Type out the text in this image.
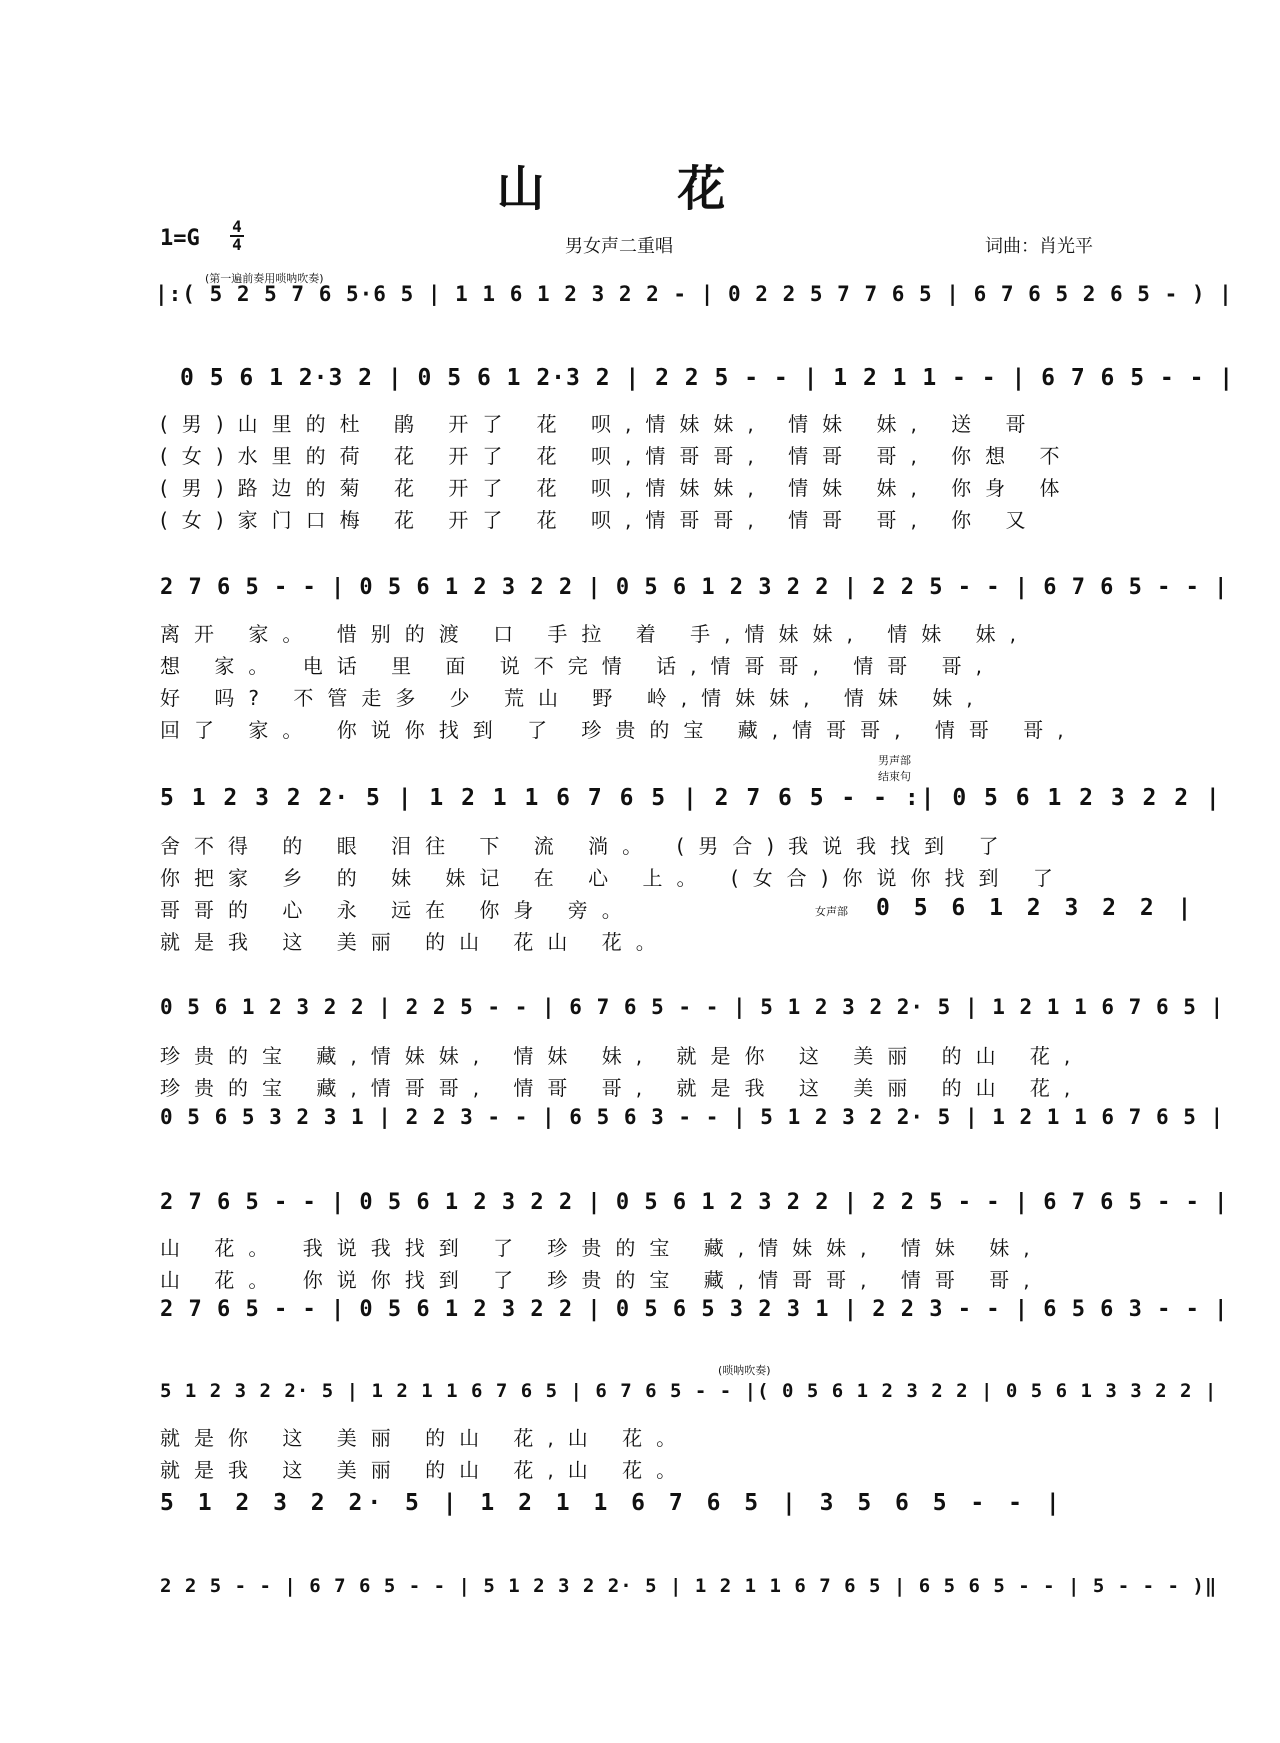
山 花
1=G 4
4	男女声二重唱	词曲：肖光平
(第一遍前奏用唢呐吹奏)
|:( 5 2 5 7 6 5·6 5 | 1 1 6 1 2 3 2 2 - | 0 2 2 5 7 7 6 5 | 6 7 6 5 2 6 5 - ) |
0 5 6 1 2·3 2 | 0 5 6 1 2·3 2 | 2 2 5 - - | 1 2 1 1 - - | 6 7 6 5 - - |
(男)山里的杜 鹃 开了 花 呗,情妹妹, 情妹 妹, 送 哥
(女)水里的荷 花 开了 花 呗,情哥哥, 情哥 哥, 你想 不
(男)路边的菊 花 开了 花 呗,情妹妹, 情妹 妹, 你身 体
(女)家门口梅 花 开了 花 呗,情哥哥, 情哥 哥, 你 又
2 7 6 5 - - | 0 5 6 1 2 3 2 2 | 0 5 6 1 2 3 2 2 | 2 2 5 - - | 6 7 6 5 - - |
离开 家。 惜别的渡 口 手拉 着 手,情妹妹, 情妹 妹,
想 家。 电话 里 面 说不完情 话,情哥哥, 情哥 哥,
好 吗? 不管走多 少 荒山 野 岭,情妹妹, 情妹 妹,
回了 家。 你说你找到 了 珍贵的宝 藏,情哥哥, 情哥 哥,
男声部
结束句
5 1 2 3 2 2· 5 | 1 2 1 1 6 7 6 5 | 2 7 6 5 - - :| 0 5 6 1 2 3 2 2 |
舍不得 的 眼 泪往 下 流 淌。 (男合)我说我找到 了
你把家 乡 的 妹 妹记 在 心 上。 (女合)你说你找到 了
哥哥的 心 永 远在 你身 旁。	女声部 0 5 6 1 2 3 2 2 |
就是我 这 美丽 的山 花山 花。
0 5 6 1 2 3 2 2 | 2 2 5 - - | 6 7 6 5 - - | 5 1 2 3 2 2· 5 | 1 2 1 1 6 7 6 5 |
珍贵的宝 藏,情妹妹, 情妹 妹, 就是你 这 美丽 的山 花,
珍贵的宝 藏,情哥哥, 情哥 哥, 就是我 这 美丽 的山 花,
0 5 6 5 3 2 3 1 | 2 2 3 - - | 6 5 6 3 - - | 5 1 2 3 2 2· 5 | 1 2 1 1 6 7 6 5 |
2 7 6 5 - - | 0 5 6 1 2 3 2 2 | 0 5 6 1 2 3 2 2 | 2 2 5 - - | 6 7 6 5 - - |
山 花。 我说我找到 了 珍贵的宝 藏,情妹妹, 情妹 妹,
山 花。 你说你找到 了 珍贵的宝 藏,情哥哥, 情哥 哥,
2 7 6 5 - - | 0 5 6 1 2 3 2 2 | 0 5 6 5 3 2 3 1 | 2 2 3 - - | 6 5 6 3 - - |
(唢呐吹奏)
5 1 2 3 2 2· 5 | 1 2 1 1 6 7 6 5 | 6 7 6 5 - - |( 0 5 6 1 2 3 2 2 | 0 5 6 1 3 3 2 2 |
就是你 这 美丽 的山 花,山 花。
就是我 这 美丽 的山 花,山 花。
5 1 2 3 2 2· 5 | 1 2 1 1 6 7 6 5 | 3 5 6 5 - - |
2 2 5 - - | 6 7 6 5 - - | 5 1 2 3 2 2· 5 | 1 2 1 1 6 7 6 5 | 6 5 6 5 - - | 5 - - - )‖
